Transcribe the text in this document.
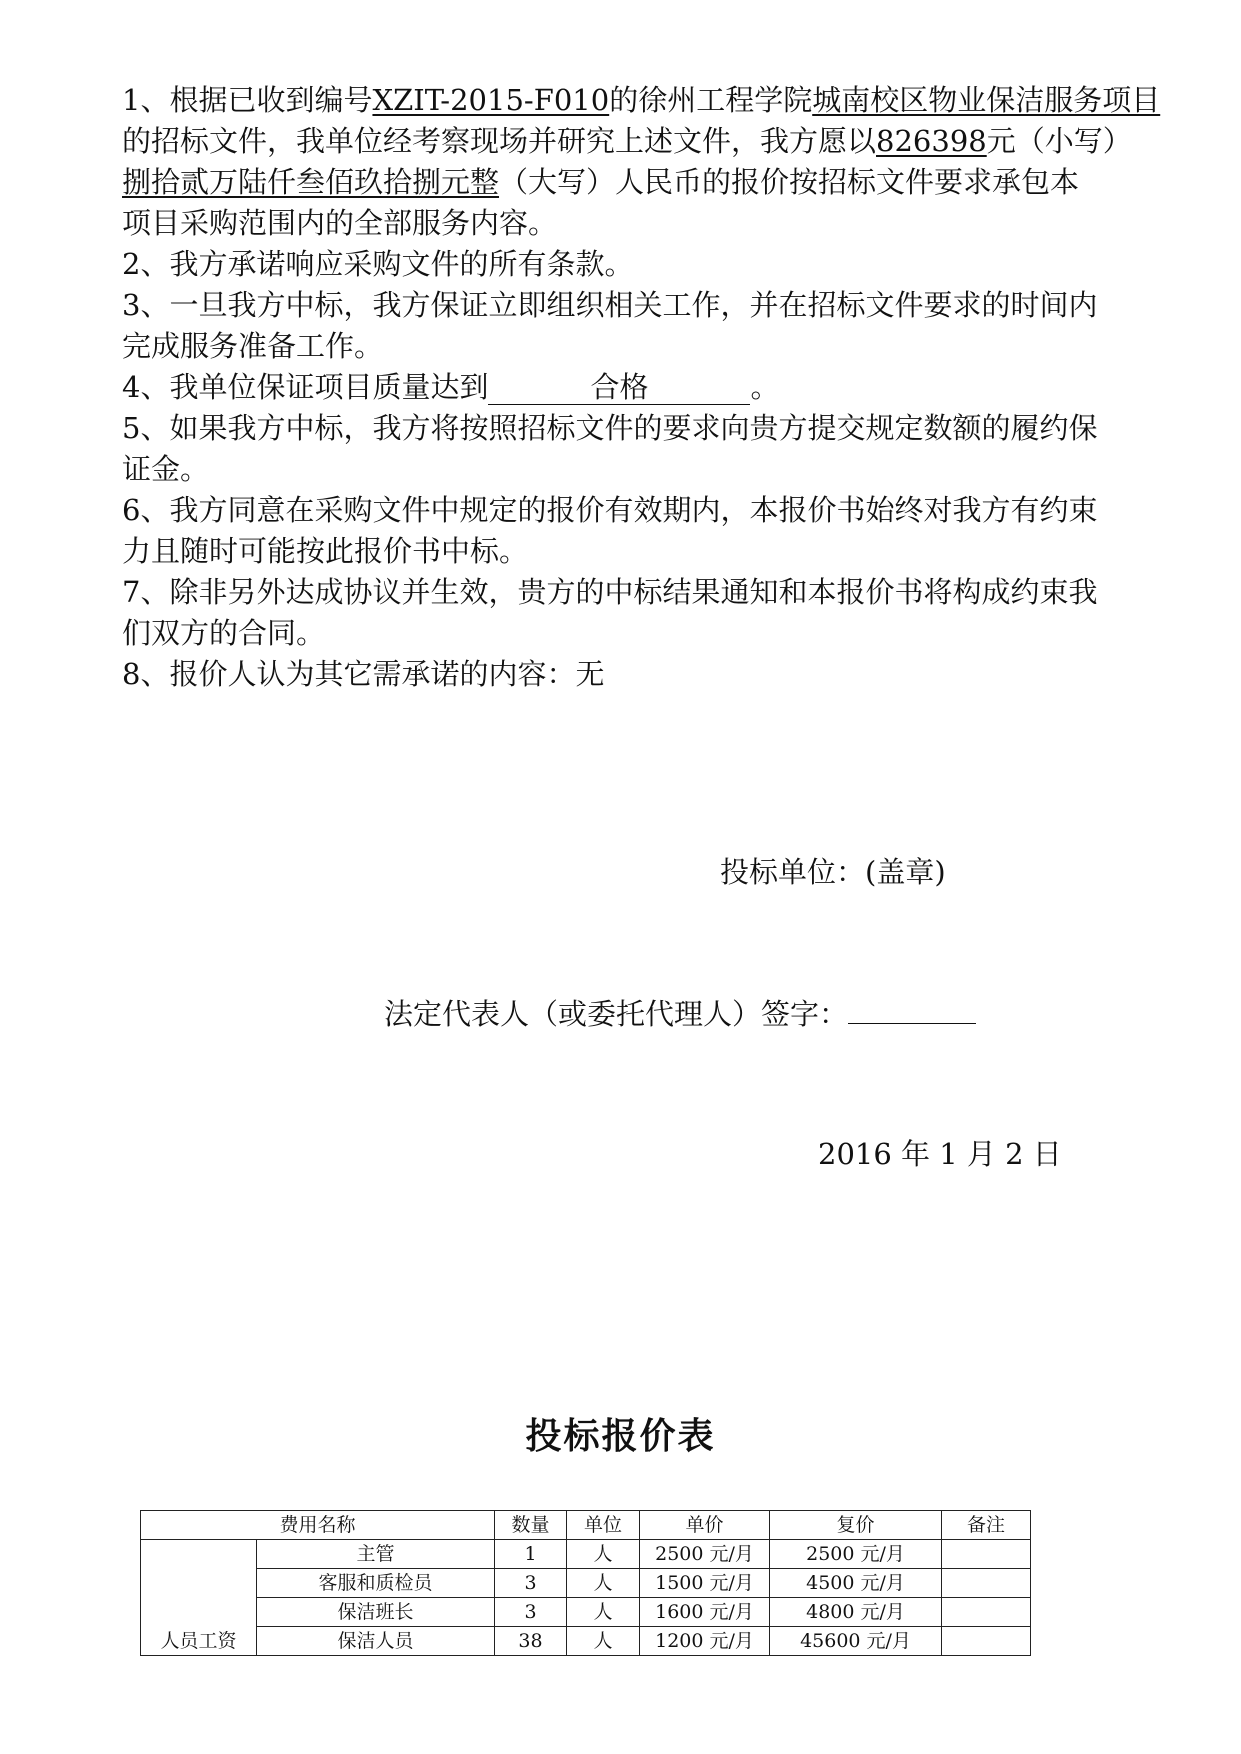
1、根据已收到编号XZIT-2015-F010的徐州工程学院城南校区物业保洁服务项目
的招标文件，我单位经考察现场并研究上述文件，我方愿以826398元（小写）
捌拾贰万陆仟叁佰玖拾捌元整（大写）人民币的报价按招标文件要求承包本
项目采购范围内的全部服务内容。
2、我方承诺响应采购文件的所有条款。
3、一旦我方中标，我方保证立即组织相关工作，并在招标文件要求的时间内
完成服务准备工作。
4、我单位保证项目质量达到	合格	。
5、如果我方中标，我方将按照招标文件的要求向贵方提交规定数额的履约保
证金。
6、我方同意在采购文件中规定的报价有效期内，本报价书始终对我方有约束
力且随时可能按此报价书中标。
7、除非另外达成协议并生效，贵方的中标结果通知和本报价书将构成约束我
们双方的合同。
8、报价人认为其它需承诺的内容：无
投标单位：(盖章)
法定代表人（或委托代理人）签字：
2016 年 1 月 2 日
投标报价表
费用名称		数量	单位	单价	复价	备注
人员工资	主管	1	人	2500 元/月	2500 元/月	
	客服和质检员	3	人	1500 元/月	4500 元/月	
	保洁班长	3	人	1600 元/月	4800 元/月	
	保洁人员	38	人	1200 元/月	45600 元/月	
